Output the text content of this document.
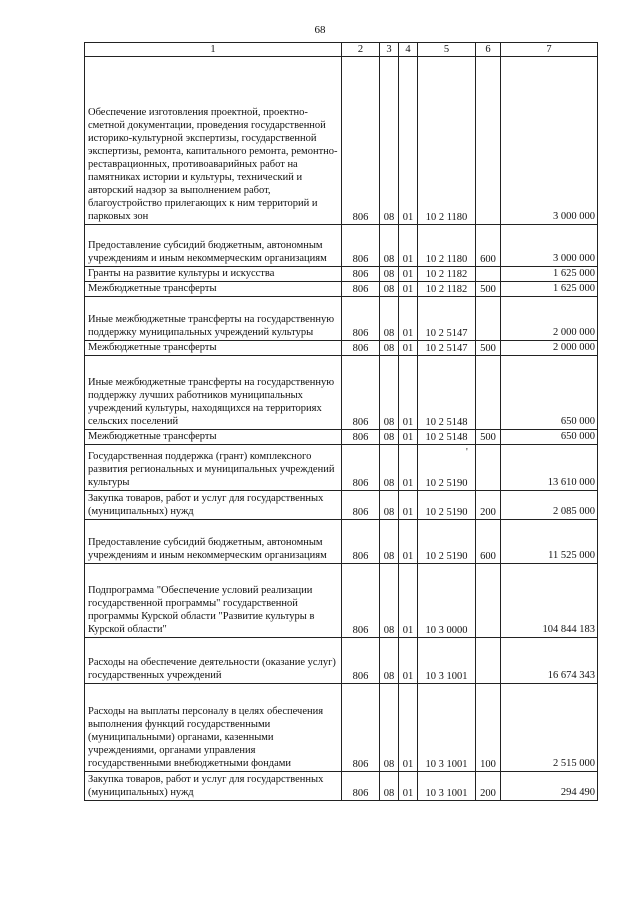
68
1	2	3	4	5	6	7
Обеспечение изготовления проектной, проектно-сметной документации, проведения государственной историко-культурной экспертизы, государственной экспертизы, ремонта, капитального ремонта, ремонтно-реставрационных, противоаварийных работ на памятниках истории и культуры, технический и авторский надзор за выполнением работ, благоустройство прилегающих к ним территорий и парковых зон	806	08	01	10 2 1180		3 000 000
Предоставление субсидий бюджетным, автономным учреждениям и иным некоммерческим организациям	806	08	01	10 2 1180	600	3 000 000
Гранты на развитие культуры и искусства	806	08	01	10 2 1182		1 625 000
Межбюджетные трансферты	806	08	01	10 2 1182	500	1 625 000
Иные межбюджетные трансферты на государственную поддержку муниципальных учреждений культуры	806	08	01	10 2 5147		2 000 000
Межбюджетные трансферты	806	08	01	10 2 5147	500	2 000 000
Иные межбюджетные трансферты на государственную поддержку лучших работников муниципальных учреждений культуры, находящихся на территориях сельских поселений	806	08	01	10 2 5148		650 000
Межбюджетные трансферты	806	08	01	10 2 5148	500	650 000
Государственная поддержка (грант) комплексного развития региональных и муниципальных учреждений культуры	806	08	01	10 2 5190		13 610 000
Закупка товаров, работ и услуг для государственных (муниципальных) нужд	806	08	01	10 2 5190	200	2 085 000
Предоставление субсидий бюджетным, автономным учреждениям и иным некоммерческим организациям	806	08	01	10 2 5190	600	11 525 000
Подпрограмма "Обеспечение условий реализации государственной программы" государственной программы Курской области "Развитие культуры в Курской области"	806	08	01	10 3 0000		104 844 183
Расходы на обеспечение деятельности (оказание услуг) государственных учреждений	806	08	01	10 3 1001		16 674 343
Расходы на выплаты персоналу в целях обеспечения выполнения функций государственными (муниципальными) органами, казенными учреждениями, органами управления государственными внебюджетными фондами	806	08	01	10 3 1001	100	2 515 000
Закупка товаров, работ и услуг для государственных (муниципальных) нужд	806	08	01	10 3 1001	200	294 490
'
